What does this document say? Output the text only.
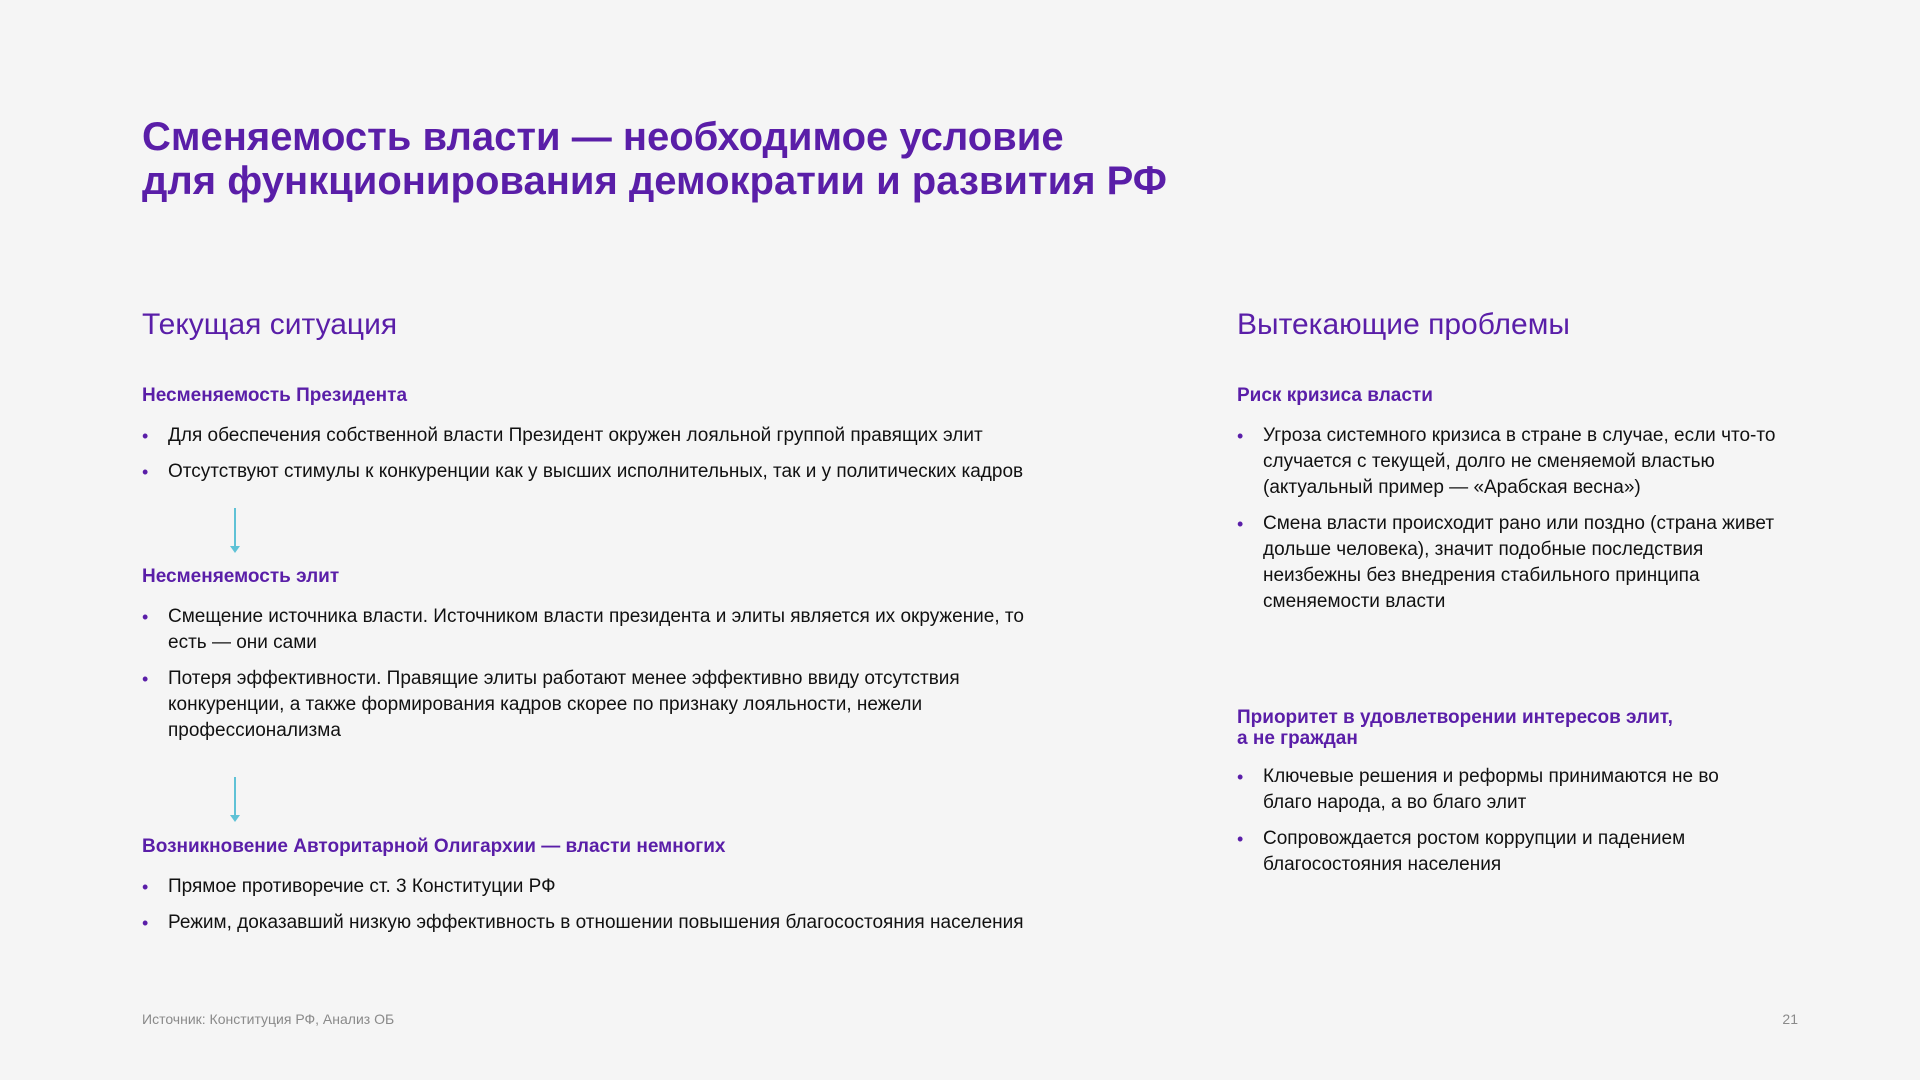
Сменяемость власти — необходимое условие
для функционирования демократии и развития РФ
Текущая ситуация
Несменяемость Президента
• Для обеспечения собственной власти Президент окружен лояльной группой правящих элит
• Отсутствуют стимулы к конкуренции как у высших исполнительных, так и у политических кадров
Несменяемость элит
• Смещение источника власти. Источником власти президента и элиты является их окружение, то есть — они сами
• Потеря эффективности. Правящие элиты работают менее эффективно ввиду отсутствия конкуренции, а также формирования кадров скорее по признаку лояльности, нежели профессионализма
Возникновение Авторитарной Олигархии — власти немногих
• Прямое противоречие ст. 3 Конституции РФ
• Режим, доказавший низкую эффективность в отношении повышения благосостояния населения
Вытекающие проблемы
Риск кризиса власти
• Угроза системного кризиса в стране в случае, если что-то случается с текущей, долго не сменяемой властью (актуальный пример — «Арабская весна»)
• Смена власти происходит рано или поздно (страна живет дольше человека), значит подобные последствия неизбежны без внедрения стабильного принципа сменяемости власти
Приоритет в удовлетворении интересов элит,
а не граждан
• Ключевые решения и реформы принимаются не во благо народа, а во благо элит
• Сопровождается ростом коррупции и падением благосостояния населения
Источник: Конституция РФ, Анализ ОБ	21
